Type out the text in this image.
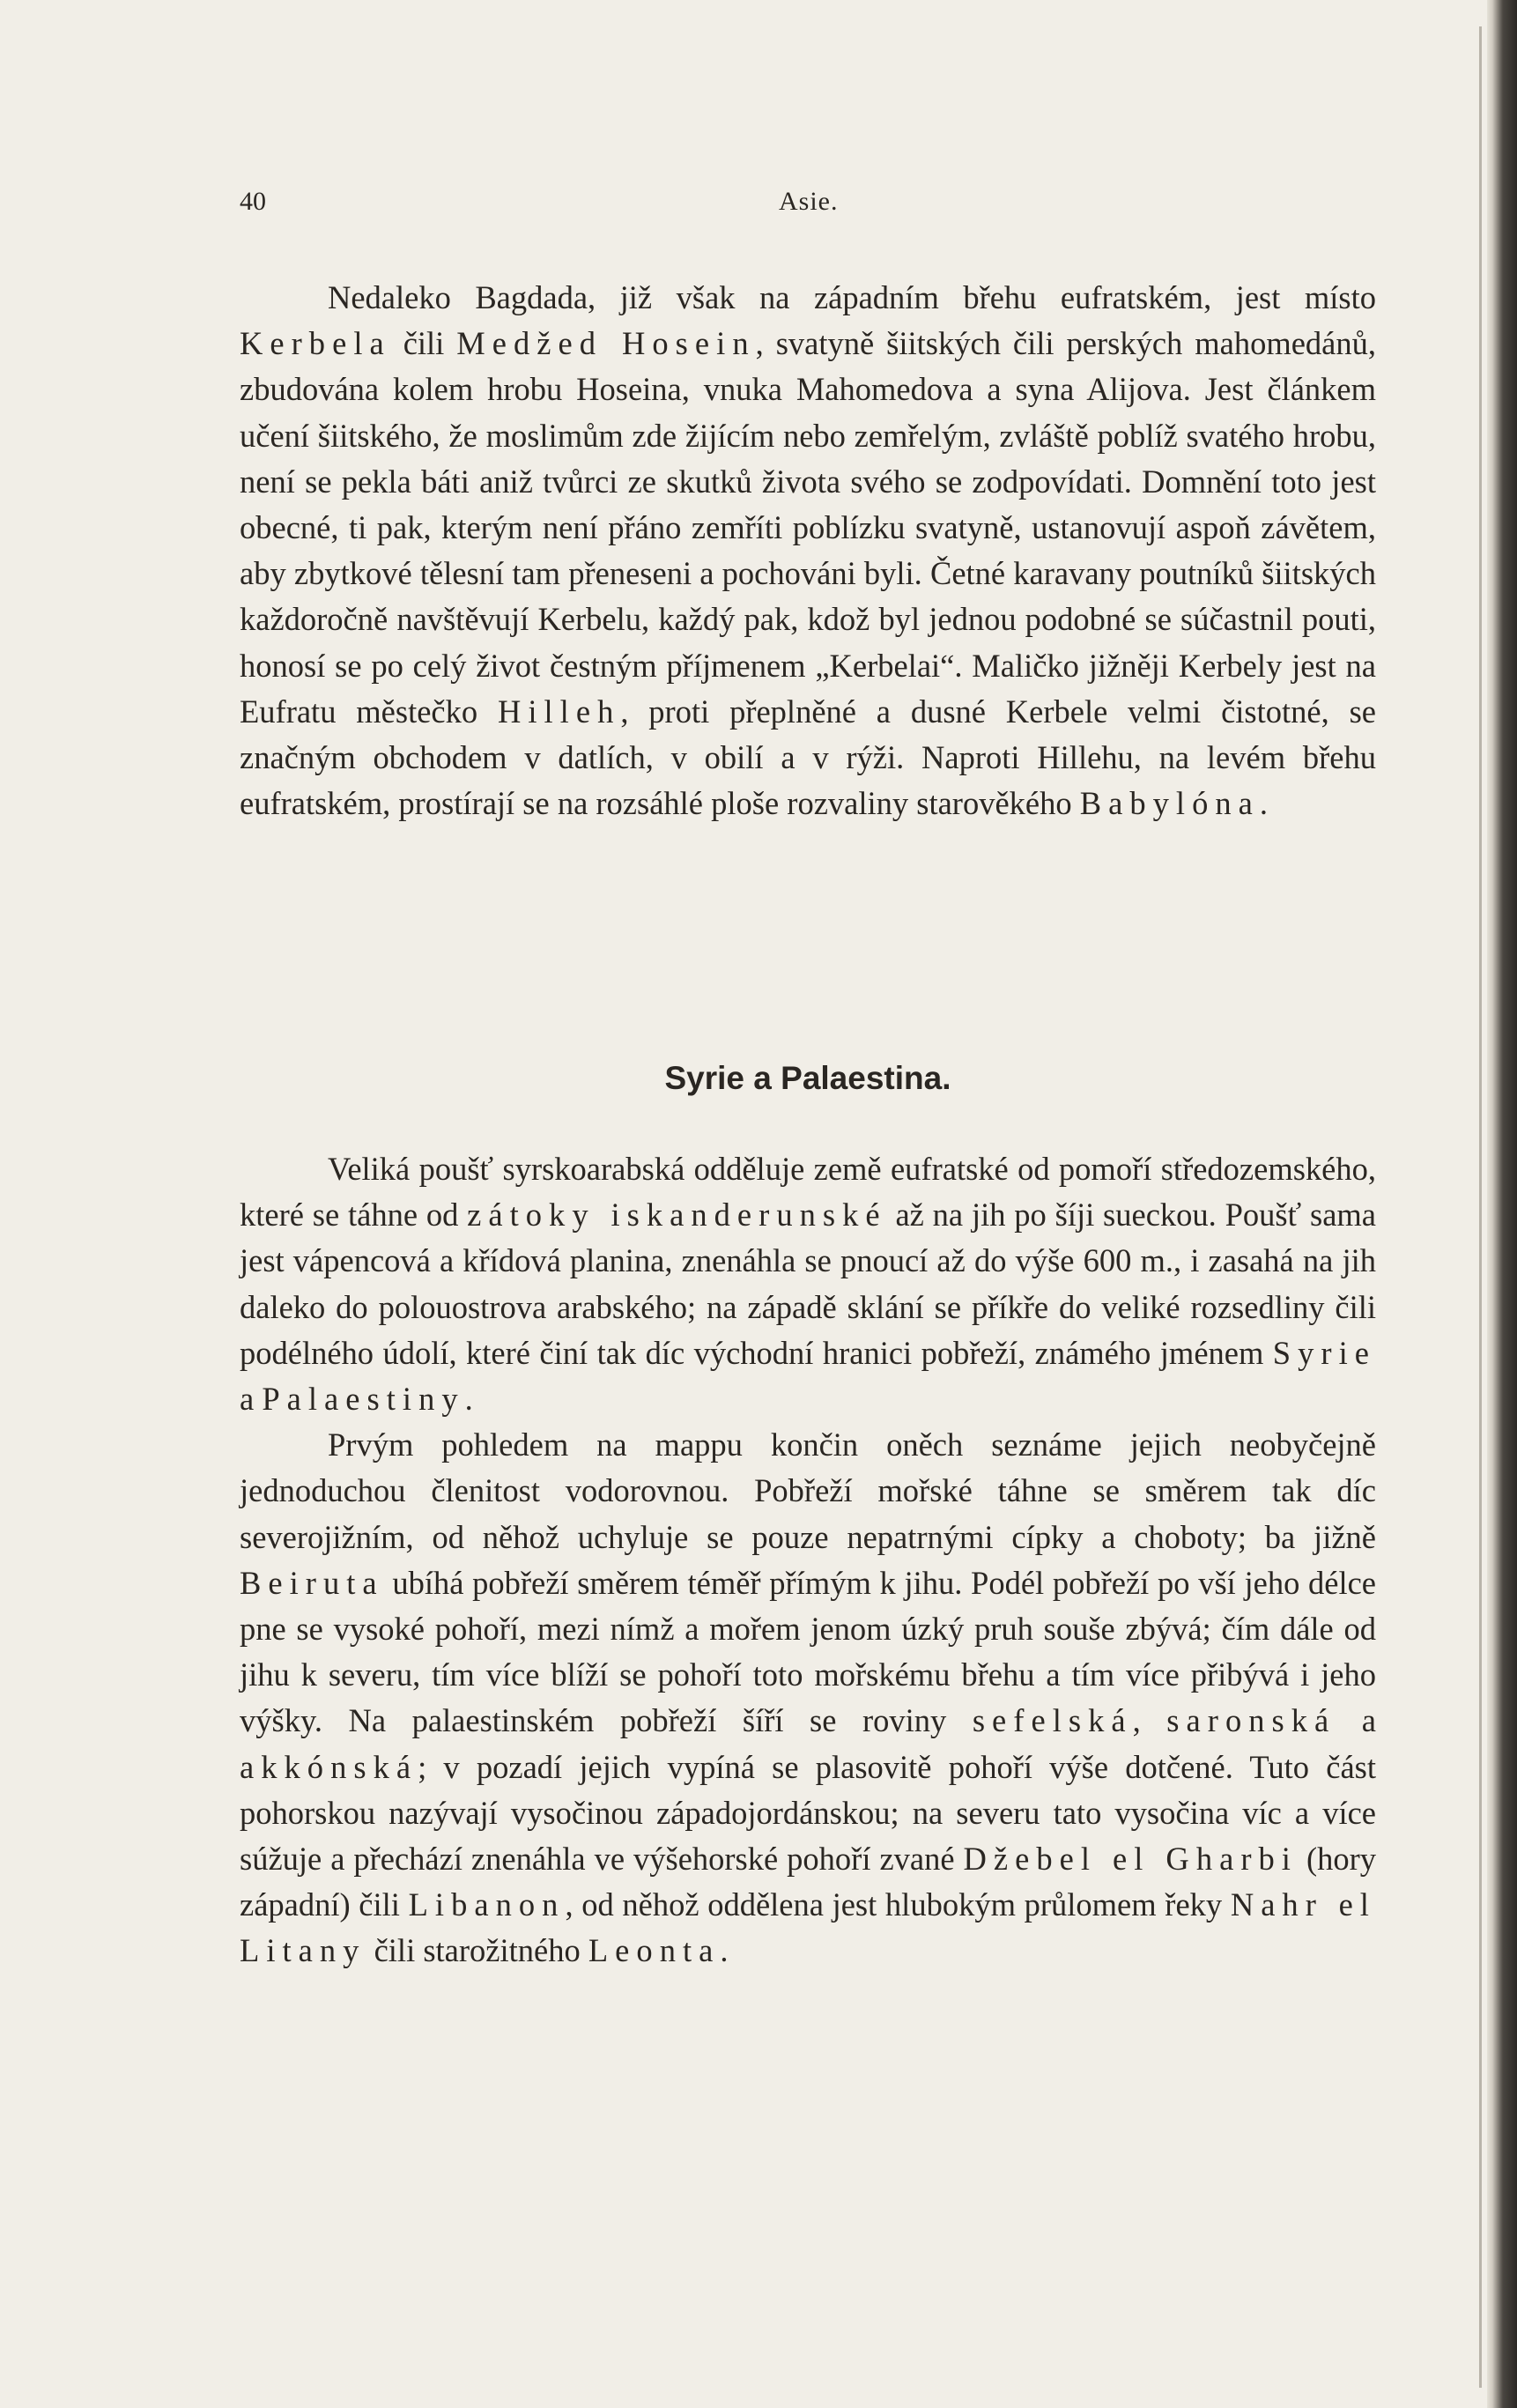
40	Asie.

Nedaleko Bagdada, již však na západním břehu eufratském, jest místo Kerbela čili Medžed Hosein, svatyně šiitských čili perských mahomedánů, zbudována kolem hrobu Hoseina, vnuka Mahomedova a syna Alijova. Jest článkem učení šiitského, že moslimům zde žijícím nebo zemřelým, zvláště poblíž svatého hrobu, není se pekla báti aniž tvůrci ze skutků života svého se zodpovídati. Domnění toto jest obecné, ti pak, kterým není přáno zemříti poblízku svatyně, ustanovují aspoň závětem, aby zbytkové tělesní tam přeneseni a pochováni byli. Četné karavany poutníků šiitských každoročně navštěvují Kerbelu, každý pak, kdož byl jednou podobné se súčastnil pouti, honosí se po celý život čestným příjmenem „Kerbelai“. Maličko jižněji Kerbely jest na Eufratu městečko Hilleh, proti přeplněné a dusné Kerbele velmi čistotné, se značným obchodem v datlích, v obilí a v rýži. Naproti Hillehu, na levém břehu eufratském, prostírají se na rozsáhlé ploše rozvaliny starověkého Babylóna.

Syrie a Palaestina.

Veliká poušť syrskoarabská odděluje země eufratské od pomoří středozemského, které se táhne od zátoky iskanderunské až na jih po šíji sueckou. Poušť sama jest vápencová a křídová planina, znenáhla se pnoucí až do výše 600 m., i zasahá na jih daleko do polouostrova arabského; na západě sklání se příkře do veliké rozsedliny čili podélného údolí, které činí tak díc východní hranici pobřeží, známého jménem Syrie a Palaestiny.

Prvým pohledem na mappu končin oněch seznáme jejich neobyčejně jednoduchou členitost vodorovnou. Pobřeží mořské táhne se směrem tak díc severojižním, od něhož uchyluje se pouze nepatrnými cípky a choboty; ba jižně Beiruta ubíhá pobřeží směrem téměř přímým k jihu. Podél pobřeží po vší jeho délce pne se vysoké pohoří, mezi nímž a mořem jenom úzký pruh souše zbývá; čím dále od jihu k severu, tím více blíží se pohoří toto mořskému břehu a tím více přibývá i jeho výšky. Na palaestinském pobřeží šíří se roviny sefelská, saronská a akkónská; v pozadí jejich vypíná se plasovitě pohoří výše dotčené. Tuto část pohorskou nazývají vysočinou západojordánskou; na severu tato vysočina víc a více súžuje a přechází znenáhla ve výšehorské pohoří zvané Džebel el Gharbi (hory západní) čili Libanon, od něhož oddělena jest hlubokým průlomem řeky Nahr el Litany čili starožitného Leonta.
